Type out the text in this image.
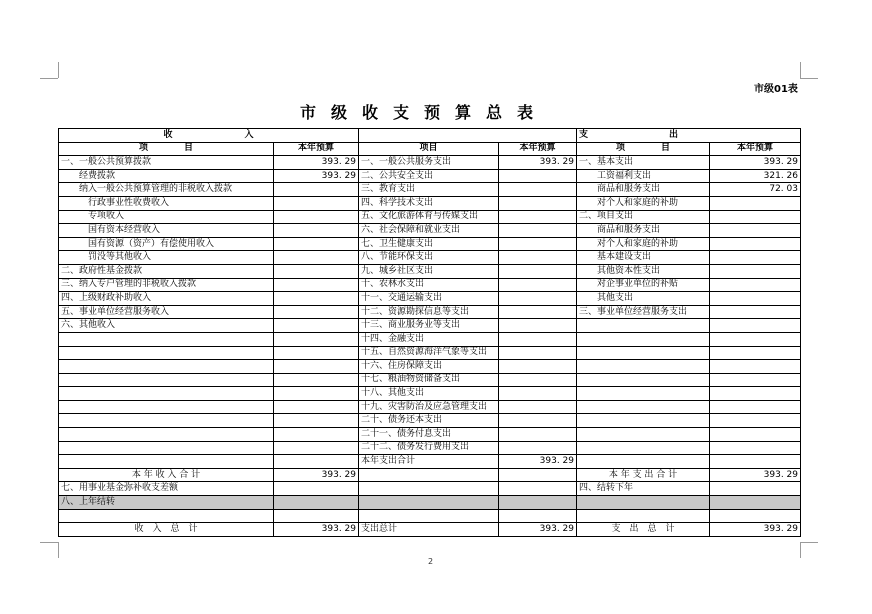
市级01表
市级收支预算总表
收　　　　　　　　入				支　　　　　　　　　出	
项　　　　目	本年预算	项目	本年预算	项　　　　目	本年预算
一、一般公共预算拨款	393. 29	一、一般公共服务支出	393. 29	一、基本支出	393. 29
　　经费拨款	393. 29	二、公共安全支出		　　工资福利支出	321. 26
　　纳入一般公共预算管理的非税收入拨款		三、教育支出		　　商品和服务支出	72. 03
　　　行政事业性收费收入		四、科学技术支出		　　对个人和家庭的补助	
　　　专项收入		五、文化旅游体育与传媒支出		二、项目支出	
　　　国有资本经营收入		六、社会保障和就业支出		　　商品和服务支出	
　　　国有资源（资产）有偿使用收入		七、卫生健康支出		　　对个人和家庭的补助	
　　　罚没等其他收入		八、节能环保支出		　　基本建设支出	
二、政府性基金拨款		九、城乡社区支出		　　其他资本性支出	
三、纳入专户管理的非税收入拨款		十、农林水支出		　　对企事业单位的补贴	
四、上级财政补助收入		十一、交通运输支出		　　其他支出	
五、事业单位经营服务收入		十二、资源勘探信息等支出		三、事业单位经营服务支出	
六、其他收入		十三、商业服务业等支出			
		十四、金融支出			
		十五、自然资源海洋气象等支出			
		十六、住房保障支出			
		十七、粮油物资储备支出			
		十八、其他支出			
		十九、灾害防治及应急管理支出			
		二十、债务还本支出			
		二十一、债务付息支出			
		二十二、债务发行费用支出			
		本年支出合计	393. 29		
本 年 收 入 合 计	393. 29			本 年 支 出 合 计	393. 29
七、用事业基金弥补收支差额				四、结转下年	
八、上年结转					

收　入　总　计	393. 29	支出总计	393. 29	支　出　总　计	393. 29
2
